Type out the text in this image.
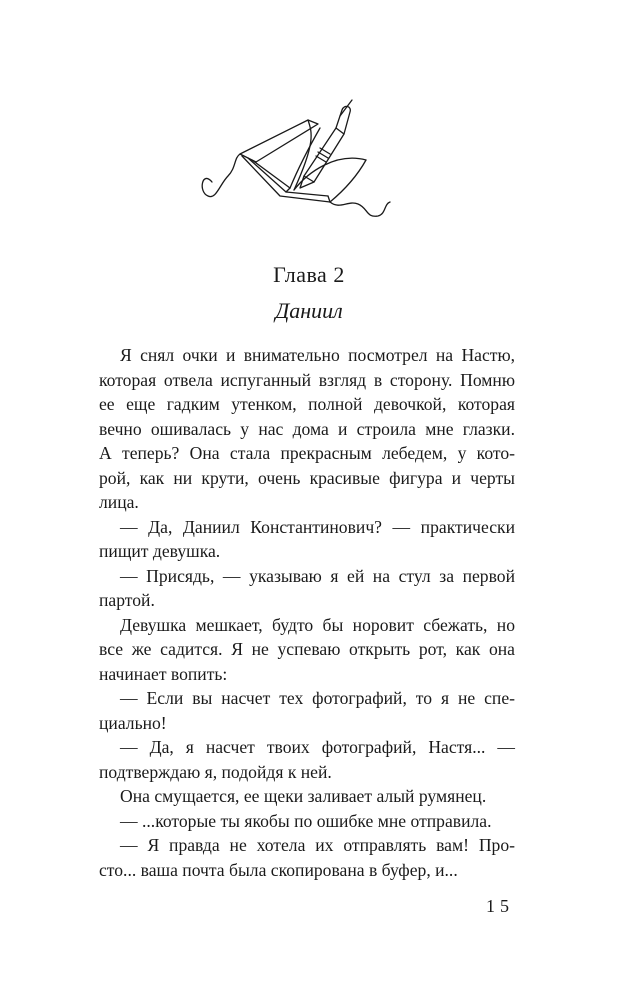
Глава 2
Даниил
Я снял очки и внимательно посмотрел на Настю,
которая отвела испуганный взгляд в сторону. Помню
ее еще гадким утенком, полной девочкой, которая
вечно ошивалась у нас дома и строила мне глазки.
А теперь? Она стала прекрасным лебедем, у кото-
рой, как ни крути, очень красивые фигура и черты
лица.
— Да, Даниил Константинович? — практически
пищит девушка.
— Присядь, — указываю я ей на стул за первой
партой.
Девушка мешкает, будто бы норовит сбежать, но
все же садится. Я не успеваю открыть рот, как она
начинает вопить:
— Если вы насчет тех фотографий, то я не спе-
циально!
— Да, я насчет твоих фотографий, Настя... —
подтверждаю я, подойдя к ней.
Она смущается, ее щеки заливает алый румянец.
— ...которые ты якобы по ошибке мне отправила.
— Я правда не хотела их отправлять вам! Про-
сто... ваша почта была скопирована в буфер, и...
15
